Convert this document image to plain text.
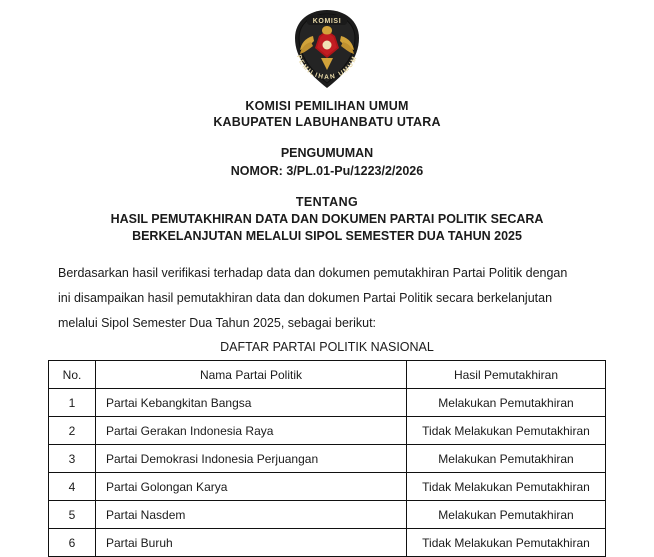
KOMISI
PEMILIHAN UMUM
KOMISI PEMILIHAN UMUM
KABUPATEN LABUHANBATU UTARA
PENGUMUMAN
NOMOR: 3/PL.01-Pu/1223/2/2026
TENTANG
HASIL PEMUTAKHIRAN DATA DAN DOKUMEN PARTAI POLITIK SECARA
BERKELANJUTAN MELALUI SIPOL SEMESTER DUA TAHUN 2025
Berdasarkan hasil verifikasi terhadap data dan dokumen pemutakhiran Partai Politik dengan
ini disampaikan hasil pemutakhiran data dan dokumen Partai Politik secara berkelanjutan
melalui Sipol Semester Dua Tahun 2025, sebagai berikut:
DAFTAR PARTAI POLITIK NASIONAL
No.	Nama Partai Politik	Hasil Pemutakhiran
1	Partai Kebangkitan Bangsa	Melakukan Pemutakhiran
2	Partai Gerakan Indonesia Raya	Tidak Melakukan Pemutakhiran
3	Partai Demokrasi Indonesia Perjuangan	Melakukan Pemutakhiran
4	Partai Golongan Karya	Tidak Melakukan Pemutakhiran
5	Partai Nasdem	Melakukan Pemutakhiran
6	Partai Buruh	Tidak Melakukan Pemutakhiran
